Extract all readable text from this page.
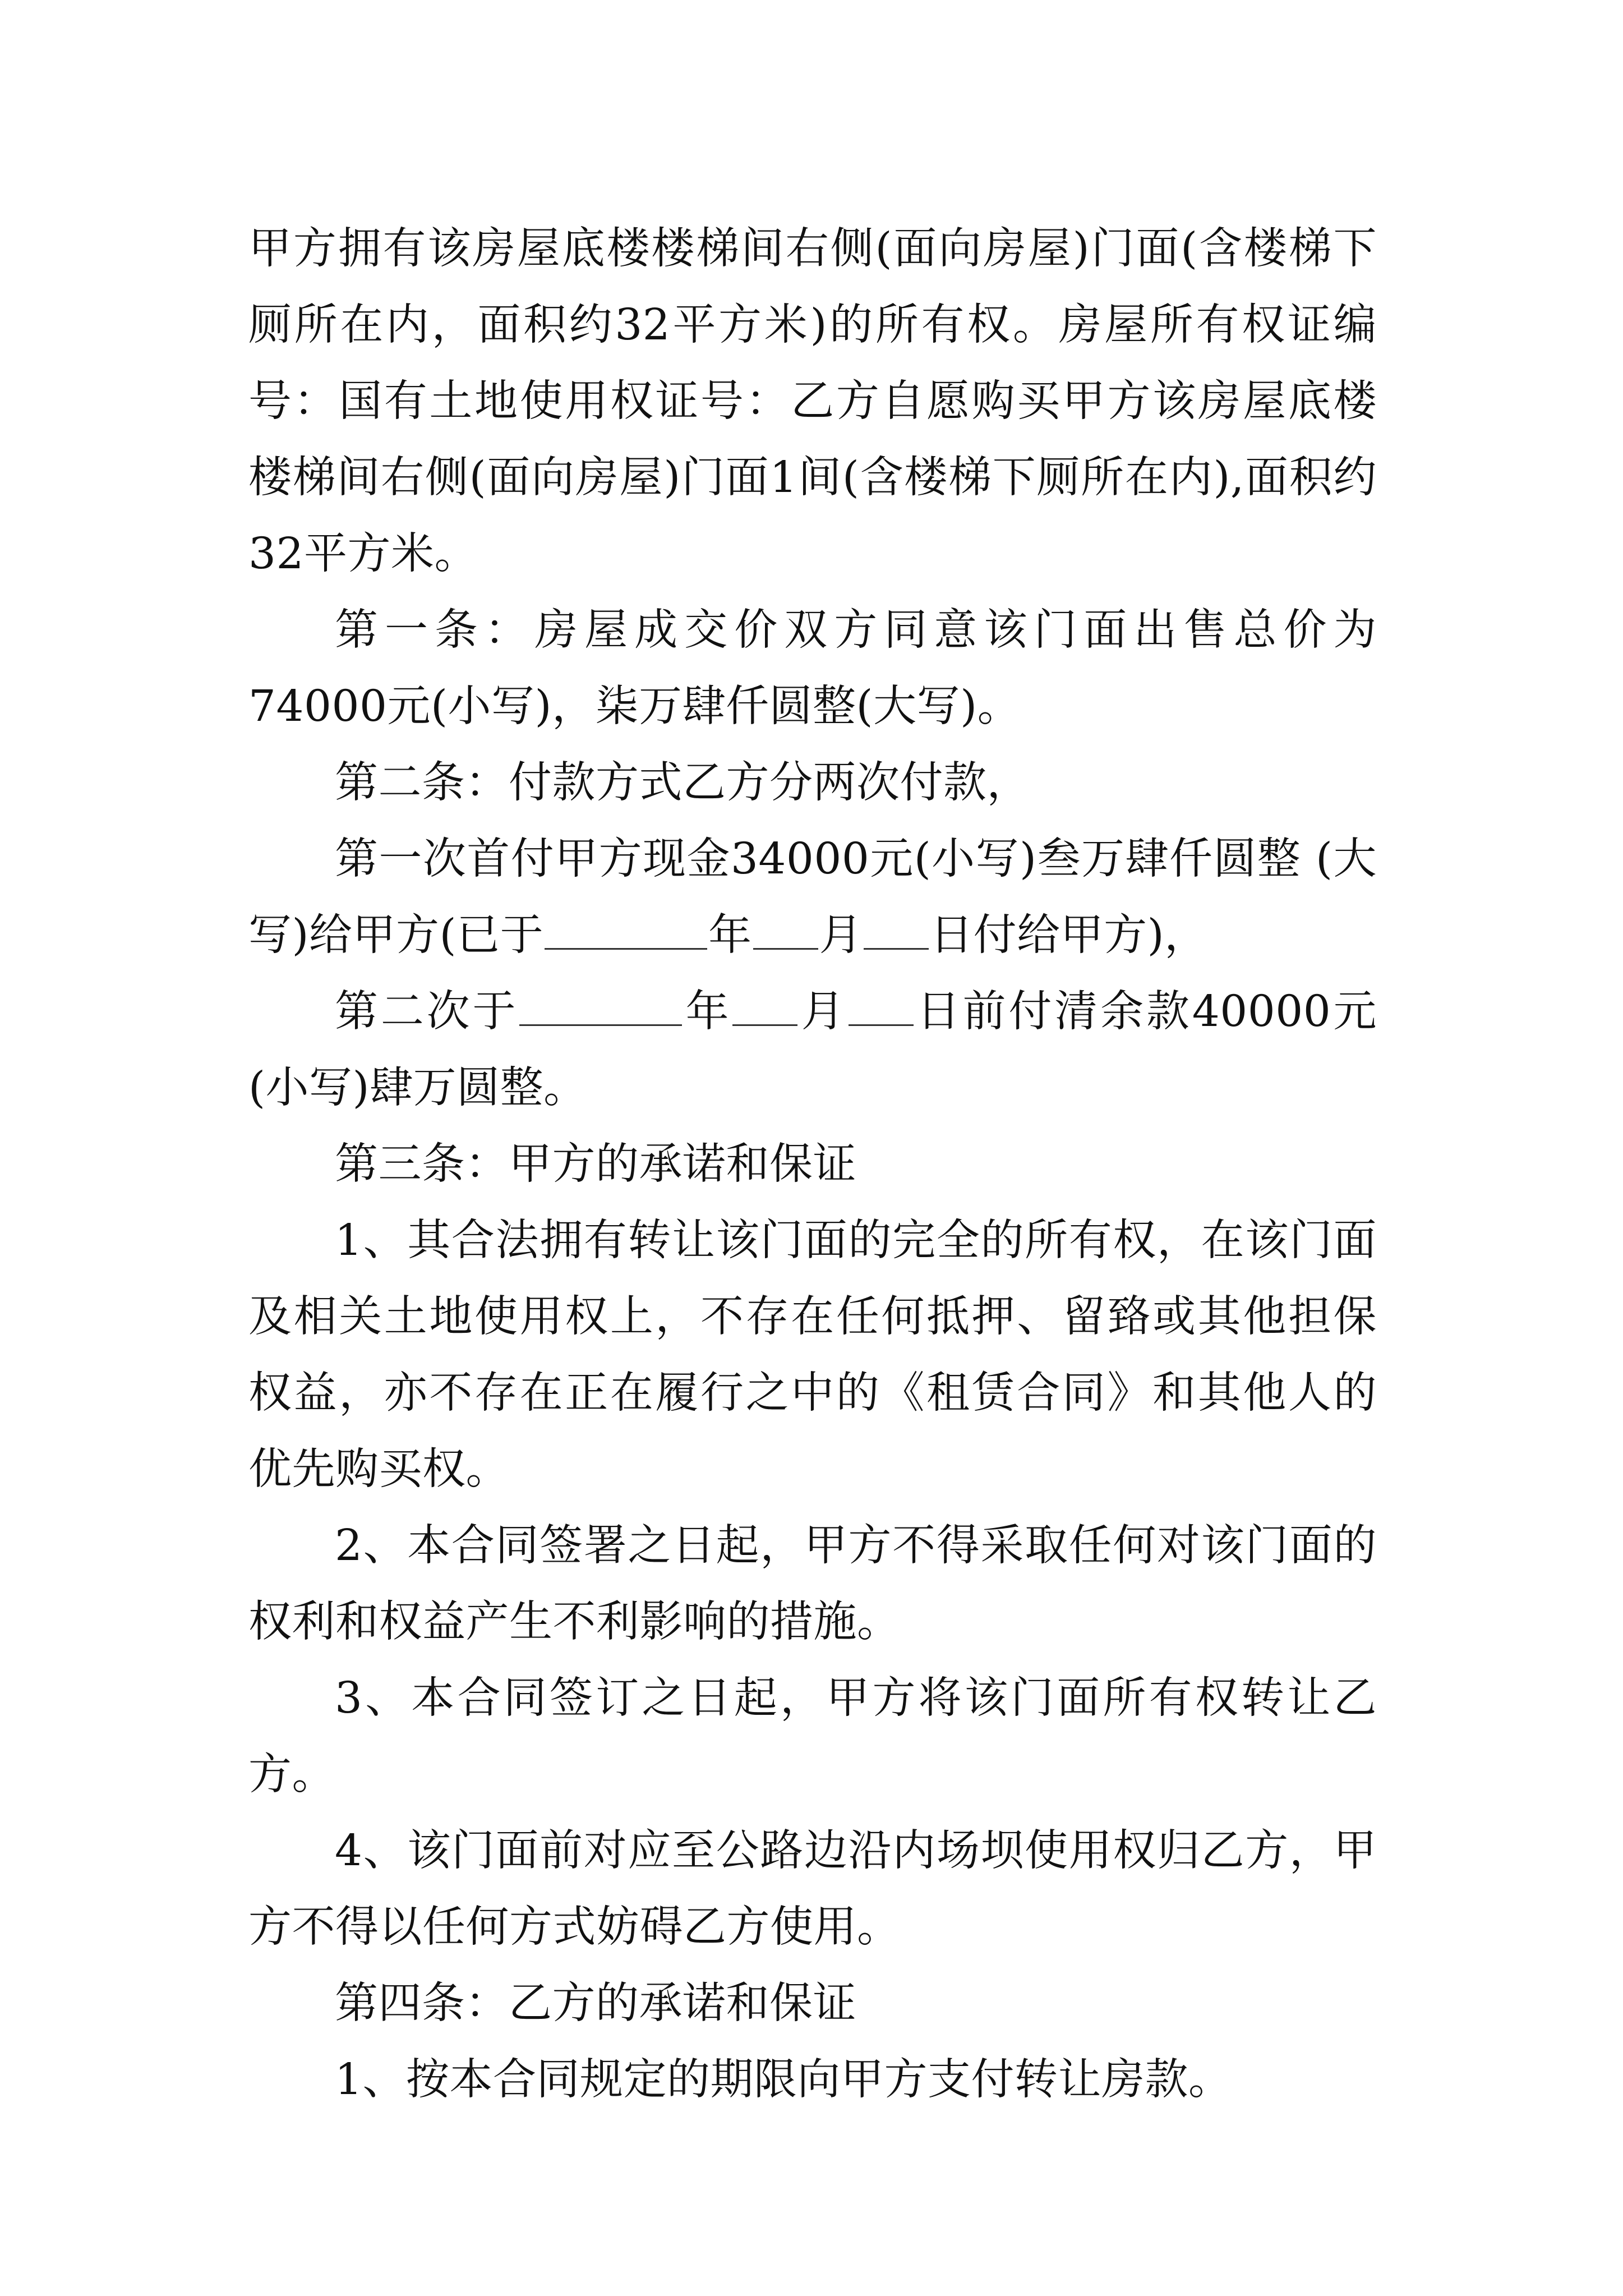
甲方拥有该房屋底楼楼梯间右侧(面向房屋)门面(含楼梯下厕所在内，面积约32平方米)的所有权。房屋所有权证编号：国有土地使用权证号：乙方自愿购买甲方该房屋底楼楼梯间右侧(面向房屋)门面1间(含楼梯下厕所在内),面积约32平方米。

第一条：房屋成交价双方同意该门面出售总价为74000元(小写)，柒万肆仟圆整(大写)。

第二条：付款方式乙方分两次付款，

第一次首付甲方现金34000元(小写)叁万肆仟圆整 (大写)给甲方(已于	年 月 日付给甲方)，

第二次于	年 月 日前付清余款40000元(小写)肆万圆整。

第三条：甲方的承诺和保证

1、其合法拥有转让该门面的完全的所有权，在该门面及相关土地使用权上，不存在任何抵押、留臵或其他担保权益，亦不存在正在履行之中的《租赁合同》和其他人的优先购买权。

2、本合同签署之日起，甲方不得采取任何对该门面的权利和权益产生不利影响的措施。

3、本合同签订之日起，甲方将该门面所有权转让乙方。

4、该门面前对应至公路边沿内场坝使用权归乙方，甲方不得以任何方式妨碍乙方使用。

第四条：乙方的承诺和保证

1、按本合同规定的期限向甲方支付转让房款。
